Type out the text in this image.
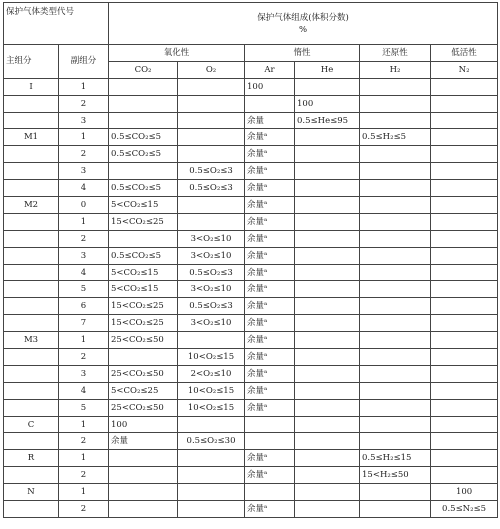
保护气体类型代号		保护气体组成(体积分数)
%					

主组分	副组分	氧化性		惰性		还原性	低活性
		CO₂	O₂	Ar	He	H₂	N₂
I	1			100			
	2				100		
	3			余量	0.5≤He≤95		
M1	1	0.5≤CO₂≤5		余量ᵃ		0.5≤H₂≤5	
	2	0.5≤CO₂≤5		余量ᵃ			
	3		0.5≤O₂≤3	余量ᵃ			
	4	0.5≤CO₂≤5	0.5≤O₂≤3	余量ᵃ			
M2	0	5<CO₂≤15		余量ᵃ			
	1	15<CO₂≤25		余量ᵃ			
	2		3<O₂≤10	余量ᵃ			
	3	0.5≤CO₂≤5	3<O₂≤10	余量ᵃ			
	4	5<CO₂≤15	0.5≤O₂≤3	余量ᵃ			
	5	5<CO₂≤15	3<O₂≤10	余量ᵃ			
	6	15<CO₂≤25	0.5≤O₂≤3	余量ᵃ			
	7	15<CO₂≤25	3<O₂≤10	余量ᵃ			
M3	1	25<CO₂≤50		余量ᵃ			
	2		10<O₂≤15	余量ᵃ			
	3	25<CO₂≤50	2<O₂≤10	余量ᵃ			
	4	5<CO₂≤25	10<O₂≤15	余量ᵃ			
	5	25<CO₂≤50	10<O₂≤15	余量ᵃ			
C	1	100					
	2	余量	0.5≤O₂≤30				
R	1			余量ᵃ		0.5≤H₂≤15	
	2			余量ᵃ		15<H₂≤50	
N	1						100
	2			余量ᵃ			0.5≤N₂≤5
